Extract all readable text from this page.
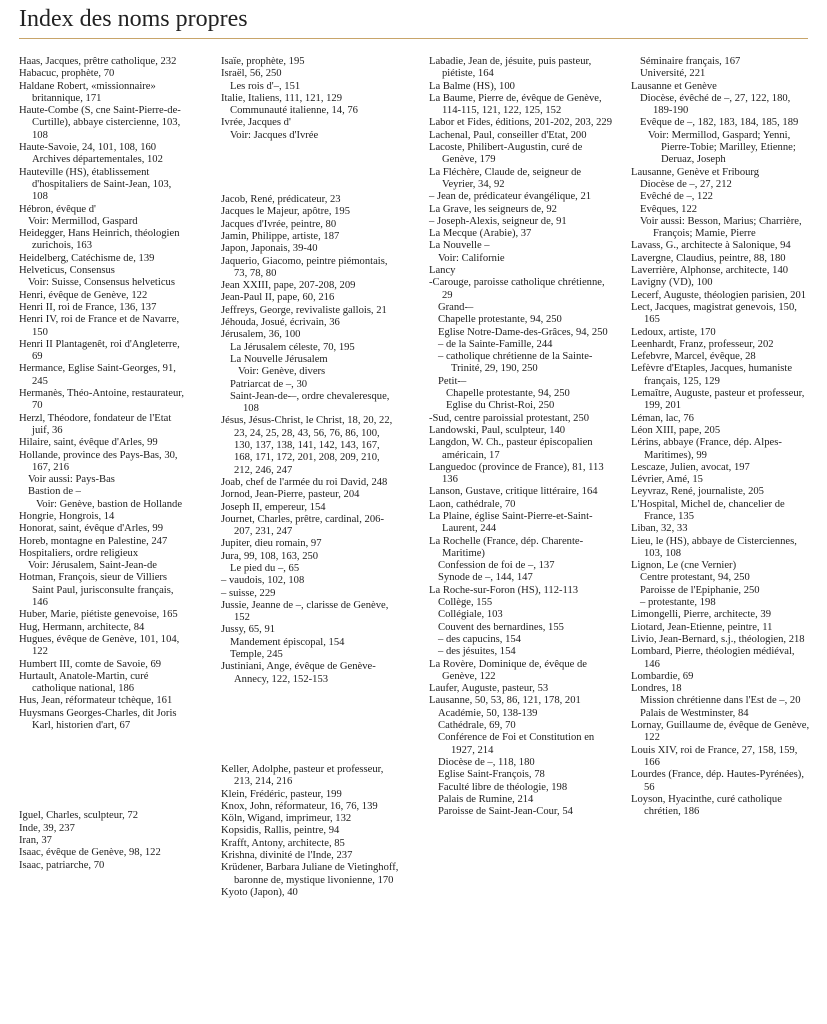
Index des noms propres

Haas, Jacques, prêtre catholique, 232

Habacuc, prophète, 70

Haldane Robert, «missionnaire» britannique, 171

Haute-Combe (S, cne Saint-Pierre-de-Curtille), abbaye cistercienne, 103, 108

Haute-Savoie, 24, 101, 108, 160 Archives départementales, 102

Hauteville (HS), établissement d'hospitaliers de Saint-Jean, 103, 108

Hébron, évêque d'

Voir: Mermillod, Gaspard

Heidegger, Hans Heinrich, théologien zurichois, 163

Heidelberg, Catéchisme de, 139

Helveticus, Consensus

Voir: Suisse, Consensus helveticus

Henri, évêque de Genève, 122

Henri II, roi de France, 136, 137

Henri IV, roi de France et de Navarre, 150

Henri II Plantagenêt, roi d'Angleterre, 69

Hermance, Eglise Saint-Georges, 91, 245

Hermanès, Théo-Antoine, restaurateur, 70

Herzl, Théodore, fondateur de l'Etat juif, 36

Hilaire, saint, évêque d'Arles, 99

Hollande, province des Pays-Bas, 30, 167, 216

Voir aussi: Pays-Bas

Bastion de –

Voir: Genève, bastion de Hollande

Hongrie, Hongrois, 14

Honorat, saint, évêque d'Arles, 99

Horeb, montagne en Palestine, 247

Hospitaliers, ordre religieux

Voir: Jérusalem, Saint-Jean-de

Hotman, François, sieur de Villiers Saint Paul, jurisconsulte français, 146

Huber, Marie, piétiste genevoise, 165

Hug, Hermann, architecte, 84

Hugues, évêque de Genève, 101, 104, 122

Humbert III, comte de Savoie, 69

Hurtault, Anatole-Martin, curé catholique national, 186

Hus, Jean, réformateur tchèque, 161

Huysmans Georges-Charles, dit Joris Karl, historien d'art, 67

Iguel, Charles, sculpteur, 72

Inde, 39, 237

Iran, 37

Isaac, évêque de Genève, 98, 122

Isaac, patriarche, 70

Isaïe, prophète, 195

Israël, 56, 250

Les rois d'–, 151

Italie, Italiens, 111, 121, 129

Communauté italienne, 14, 76

Ivrée, Jacques d'

Voir: Jacques d'Ivrée

Jacob, René, prédicateur, 23

Jacques le Majeur, apôtre, 195

Jacques d'Ivrée, peintre, 80

Jamin, Philippe, artiste, 187

Japon, Japonais, 39-40

Jaquerio, Giacomo, peintre piémontais, 73, 78, 80

Jean XXIII, pape, 207-208, 209

Jean-Paul II, pape, 60, 216

Jeffreys, George, revivaliste gallois, 21

Jéhouda, Josué, écrivain, 36

Jérusalem, 36, 100

La Jérusalem céleste, 70, 195

La Nouvelle Jérusalem

Voir: Genève, divers

Patriarcat de –, 30

Saint-Jean-de-–, ordre chevaleresque, 108

Jésus, Jésus-Christ, le Christ, 18, 20, 22, 23, 24, 25, 28, 43, 56, 76, 86, 100, 130, 137, 138, 141, 142, 143, 167, 168, 171, 172, 201, 208, 209, 210, 212, 246, 247

Joab, chef de l'armée du roi David, 248

Jornod, Jean-Pierre, pasteur, 204

Joseph II, empereur, 154

Journet, Charles, prêtre, cardinal, 206-207, 231, 247

Jupiter, dieu romain, 97

Jura, 99, 108, 163, 250

Le pied du –, 65

– vaudois, 102, 108

– suisse, 229

Jussie, Jeanne de –, clarisse de Genève, 152

Jussy, 65, 91

Mandement épiscopal, 154

Temple, 245

Justiniani, Ange, évêque de Genève-Annecy, 122, 152-153

Keller, Adolphe, pasteur et professeur, 213, 214, 216

Klein, Frédéric, pasteur, 199

Knox, John, réformateur, 16, 76, 139

Köln, Wigand, imprimeur, 132

Kopsidis, Rallis, peintre, 94

Krafft, Antony, architecte, 85

Krishna, divinité de l'Inde, 237

Krüdener, Barbara Juliane de Vietinghoff, baronne de, mystique livonienne, 170

Kyoto (Japon), 40

Labadie, Jean de, jésuite, puis pasteur, piétiste, 164

La Balme (HS), 100

La Baume, Pierre de, évêque de Genève, 114-115, 121, 122, 125, 152

Labor et Fides, éditions, 201-202, 203, 229

Lachenal, Paul, conseiller d'Etat, 200

Lacoste, Philibert-Augustin, curé de Genève, 179

La Fléchère, Claude de, seigneur de Veyrier, 34, 92

– Jean de, prédicateur évangélique, 21

La Grave, les seigneurs de, 92

– Joseph-Alexis, seigneur de, 91

La Mecque (Arabie), 37

La Nouvelle –

Voir: Californie

Lancy

-Carouge, paroisse catholique chrétienne, 29

Grand-–

Chapelle protestante, 94, 250

Eglise Notre-Dame-des-Grâces, 94, 250

– de la Sainte-Famille, 244

– catholique chrétienne de la Sainte-Trinité, 29, 190, 250

Petit-–

Chapelle protestante, 94, 250

Eglise du Christ-Roi, 250

-Sud, centre paroissial protestant, 250

Landowski, Paul, sculpteur, 140

Langdon, W. Ch., pasteur épiscopalien américain, 17

Languedoc (province de France), 81, 113 136

Lanson, Gustave, critique littéraire, 164

Laon, cathédrale, 70

La Plaine, église Saint-Pierre-et-Saint-Laurent, 244

La Rochelle (France, dép. Charente-Maritime)

Confession de foi de –, 137

Synode de –, 144, 147

La Roche-sur-Foron (HS), 112-113

Collège, 155

Collégiale, 103

Couvent des bernardines, 155

– des capucins, 154

– des jésuites, 154

La Rovère, Dominique de, évêque de Genève, 122

Laufer, Auguste, pasteur, 53

Lausanne, 50, 53, 86, 121, 178, 201

Académie, 50, 138-139

Cathédrale, 69, 70

Conférence de Foi et Constitution en 1927, 214

Diocèse de –, 118, 180

Eglise Saint-François, 78

Faculté libre de théologie, 198

Palais de Rumine, 214

Paroisse de Saint-Jean-Cour, 54

Séminaire français, 167

Université, 221

Lausanne et Genève

Diocèse, évêché de –, 27, 122, 180, 189-190

Evêque de –, 182, 183, 184, 185, 189

Voir: Mermillod, Gaspard; Yenni, Pierre-Tobie; Marilley, Etienne; Deruaz, Joseph

Lausanne, Genève et Fribourg

Diocèse de –, 27, 212

Evêché de –, 122

Evêques, 122

Voir aussi: Besson, Marius; Charrière, François; Mamie, Pierre

Lavass, G., architecte à Salonique, 94

Lavergne, Claudius, peintre, 88, 180

Laverrière, Alphonse, architecte, 140

Lavigny (VD), 100

Lecerf, Auguste, théologien parisien, 201

Lect, Jacques, magistrat genevois, 150, 165

Ledoux, artiste, 170

Leenhardt, Franz, professeur, 202

Lefebvre, Marcel, évêque, 28

Lefèvre d'Etaples, Jacques, humaniste français, 125, 129

Lemaître, Auguste, pasteur et professeur, 199, 201

Léman, lac, 76

Léon XIII, pape, 205

Lérins, abbaye (France, dép. Alpes-Maritimes), 99

Lescaze, Julien, avocat, 197

Lévrier, Amé, 15

Leyvraz, René, journaliste, 205

L'Hospital, Michel de, chancelier de France, 135

Liban, 32, 33

Lieu, le (HS), abbaye de Cisterciennes, 103, 108

Lignon, Le (cne Vernier)

Centre protestant, 94, 250

Paroisse de l'Epiphanie, 250

– protestante, 198

Limongelli, Pierre, architecte, 39

Liotard, Jean-Etienne, peintre, 11

Livio, Jean-Bernard, s.j., théologien, 218

Lombard, Pierre, théologien médiéval, 146

Lombardie, 69

Londres, 18

Mission chrétienne dans l'Est de –, 20

Palais de Westminster, 84

Lornay, Guillaume de, évêque de Genève, 122

Louis XIV, roi de France, 27, 158, 159, 166

Lourdes (France, dép. Hautes-Pyrénées), 56

Loyson, Hyacinthe, curé catholique chrétien, 186
